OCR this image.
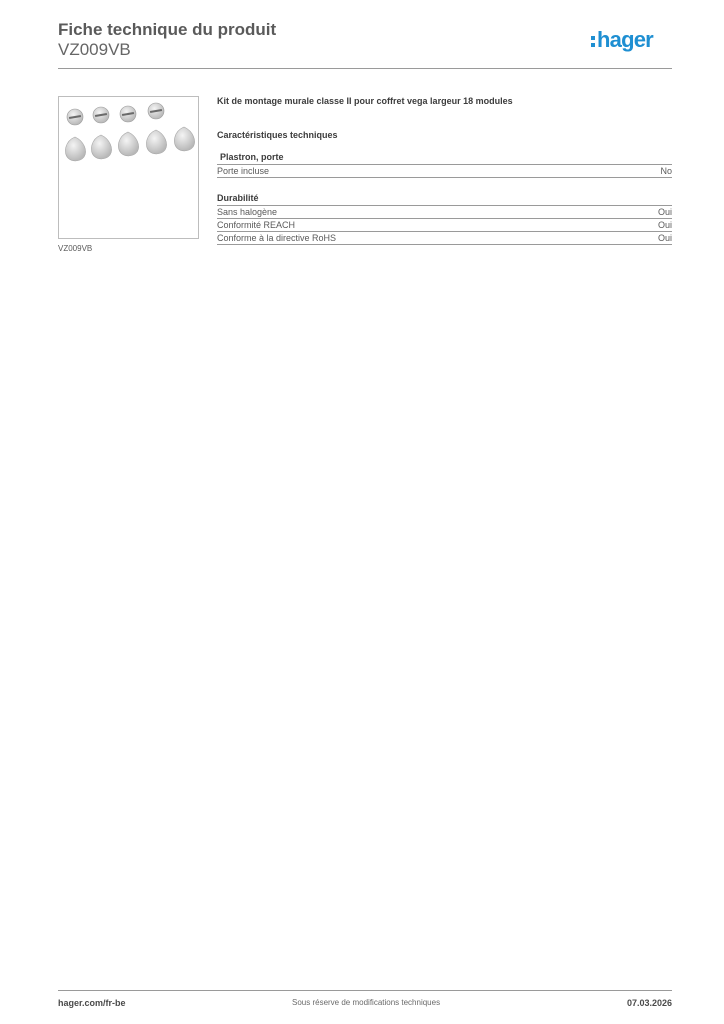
Fiche technique du produit
VZ009VB	hager
VZ009VB
Kit de montage murale classe II pour coffret vega largeur 18 modules
Caractéristiques techniques
Plastron, porte
Porte incluse	No
Durabilité
Sans halogène	Oui
Conformité REACH	Oui
Conforme à la directive RoHS	Oui
hager.com/fr-be	Sous réserve de modifications techniques	07.03.2026
